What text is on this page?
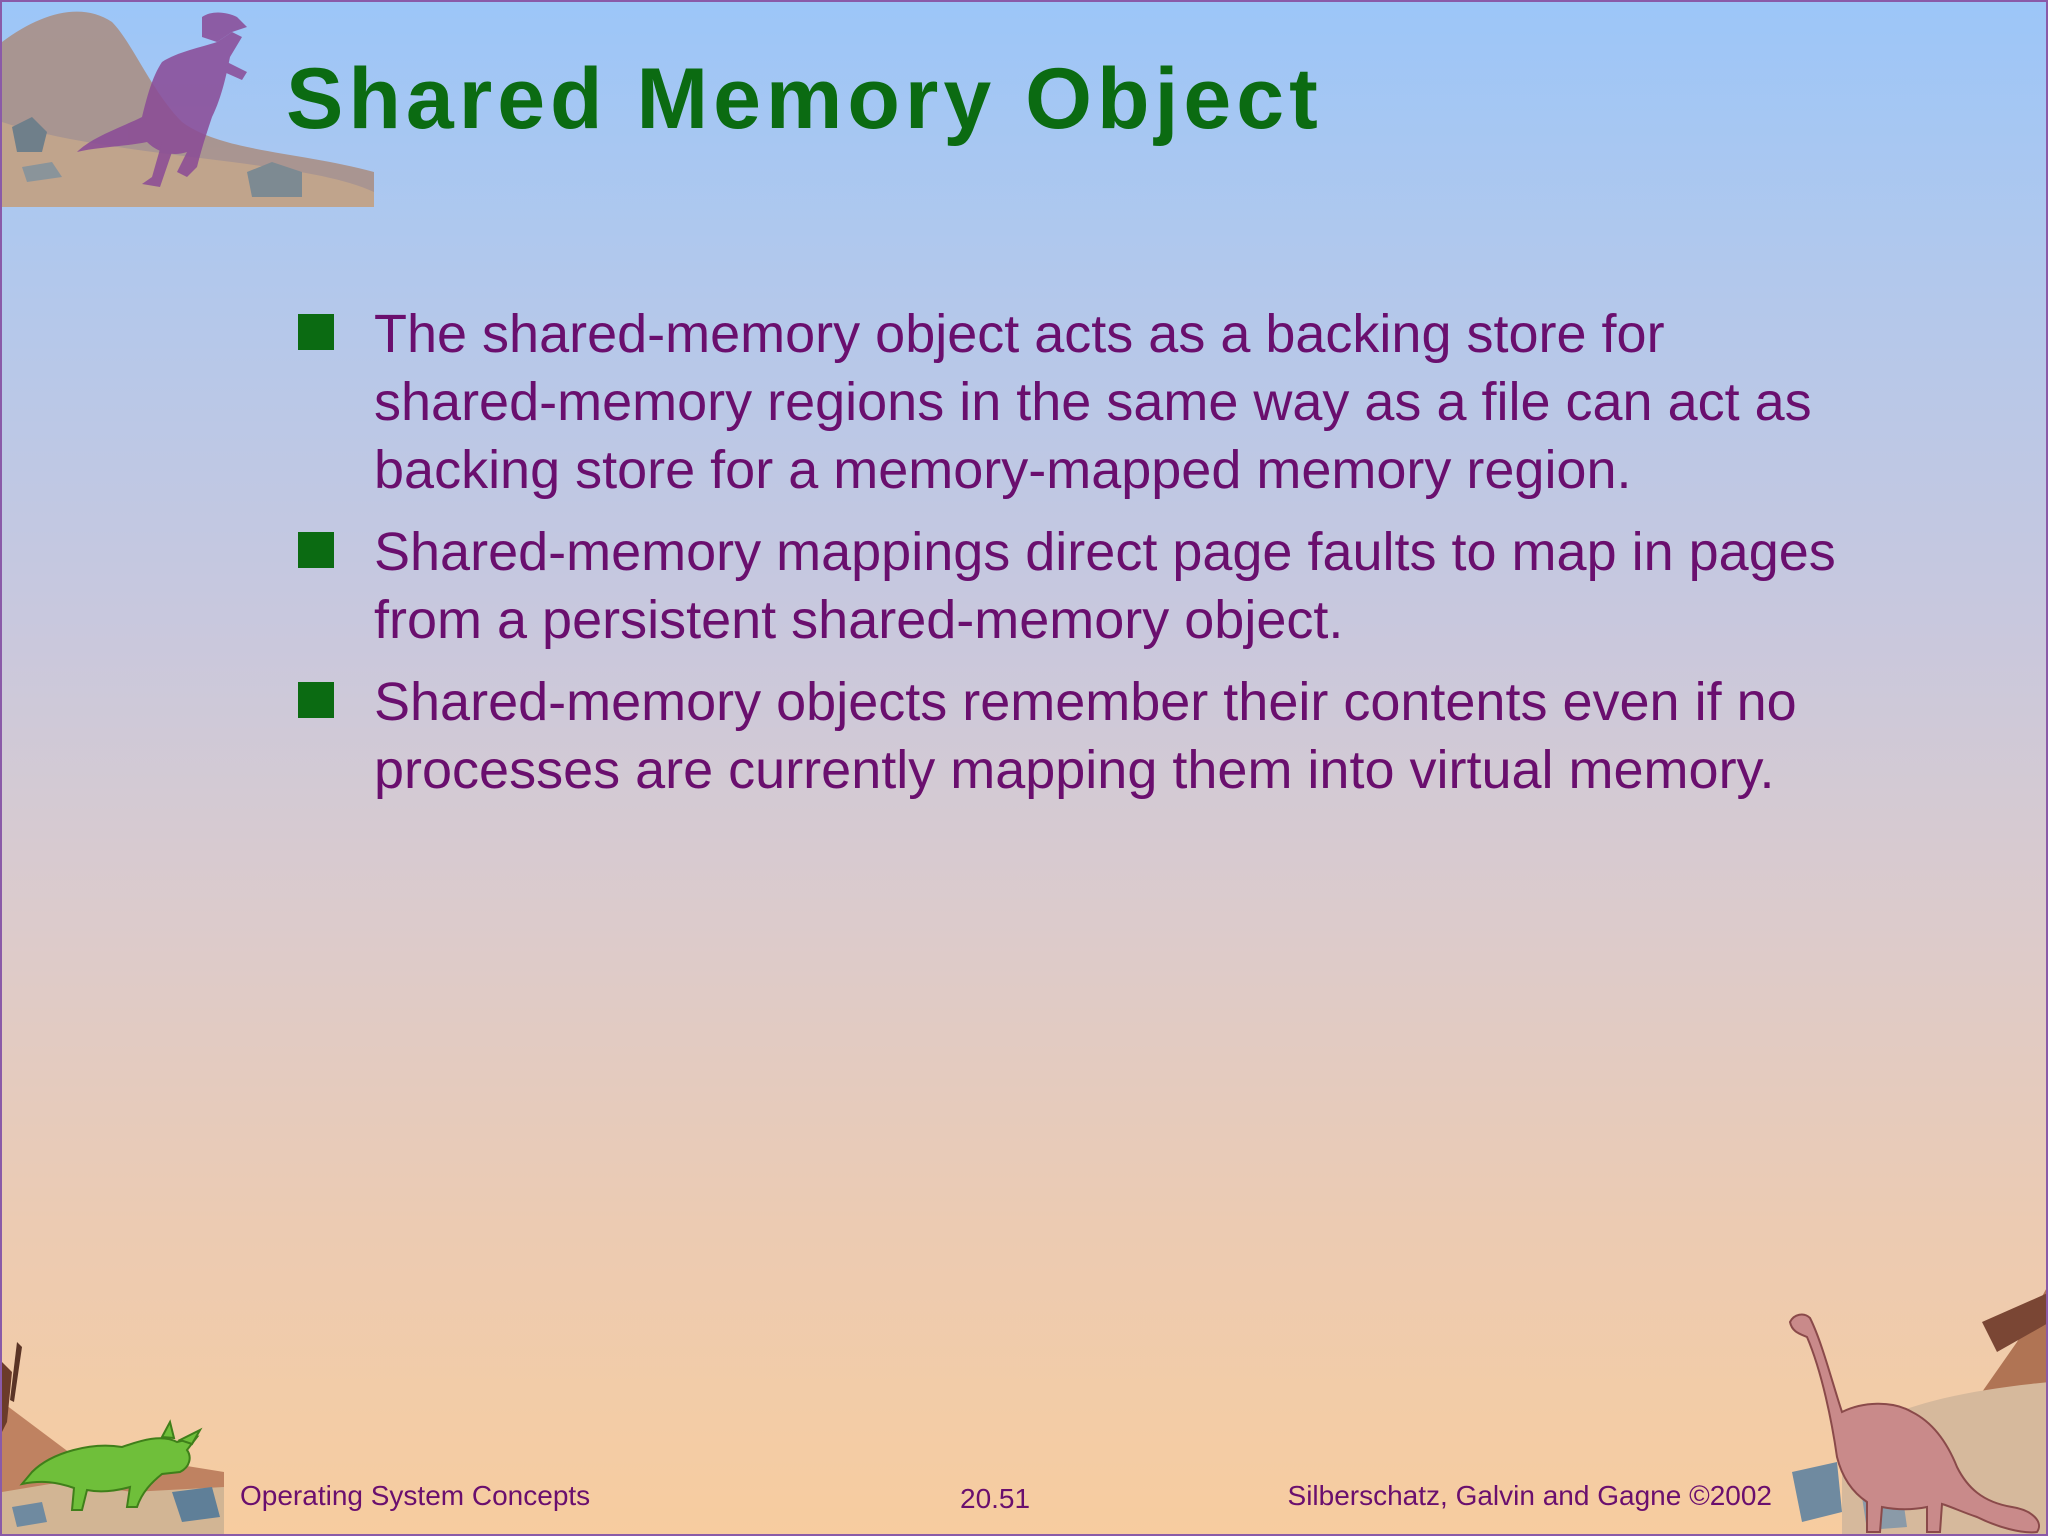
Shared Memory Object
The shared-memory object acts as a backing store for shared-memory regions in the same way as a file can act as backing store for a memory-mapped memory region.
Shared-memory mappings direct page faults to map in pages from a persistent shared-memory object.
Shared-memory objects remember their contents even if no processes are currently mapping them into virtual memory.
Operating System Concepts	20.51	Silberschatz, Galvin and Gagne ©2002
